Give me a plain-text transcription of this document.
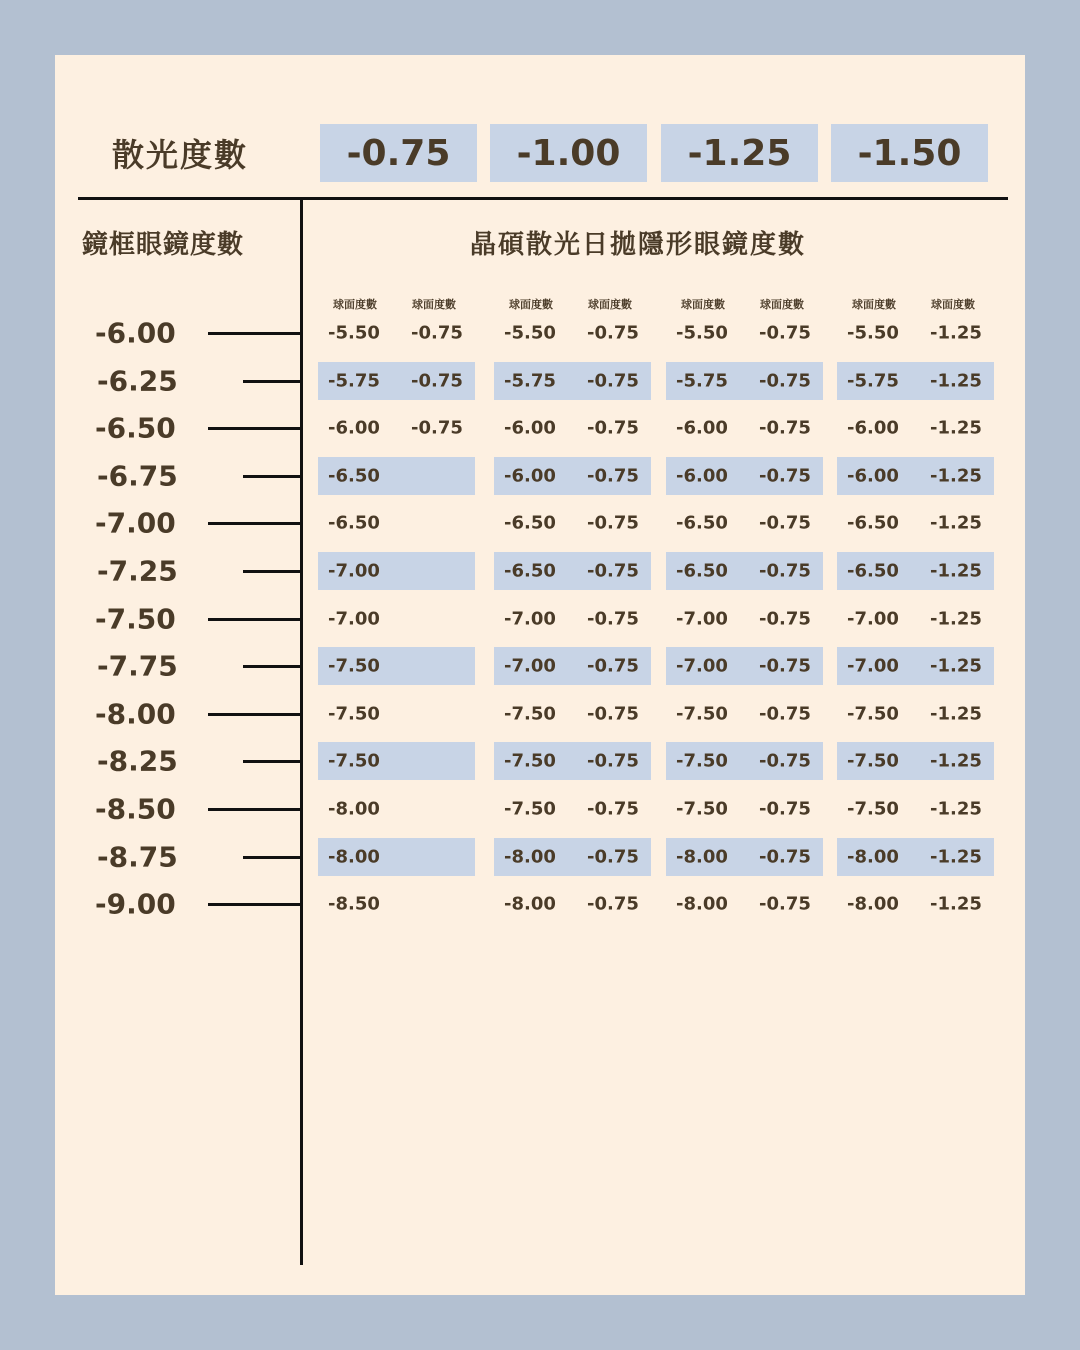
散光度數	-0.75	-1.00	-1.25	-1.50
鏡框眼鏡度數	晶碩散光日拋隱形眼鏡度數
球面度數	球面度數	球面度數	球面度數	球面度數	球面度數	球面度數	球面度數
-6.00	-5.50 -0.75 -5.50 -0.75 -5.50 -0.75 -5.50 -1.25
-6.25	-5.75 -0.75 -5.75 -0.75 -5.75 -0.75 -5.75 -1.25
-6.50	-6.00 -0.75 -6.00 -0.75 -6.00 -0.75 -6.00 -1.25
-6.75	-6.50	-6.00 -0.75 -6.00 -0.75 -6.00 -1.25
-7.00	-6.50	-6.50 -0.75 -6.50 -0.75 -6.50 -1.25
-7.25	-7.00	-6.50 -0.75 -6.50 -0.75 -6.50 -1.25
-7.50	-7.00	-7.00 -0.75 -7.00 -0.75 -7.00 -1.25
-7.75	-7.50	-7.00 -0.75 -7.00 -0.75 -7.00 -1.25
-8.00	-7.50	-7.50 -0.75 -7.50 -0.75 -7.50 -1.25
-8.25	-7.50	-7.50 -0.75 -7.50 -0.75 -7.50 -1.25
-8.50	-8.00	-7.50 -0.75 -7.50 -0.75 -7.50 -1.25
-8.75	-8.00	-8.00 -0.75 -8.00 -0.75 -8.00 -1.25
-9.00	-8.50	-8.00 -0.75 -8.00 -0.75 -8.00 -1.25
